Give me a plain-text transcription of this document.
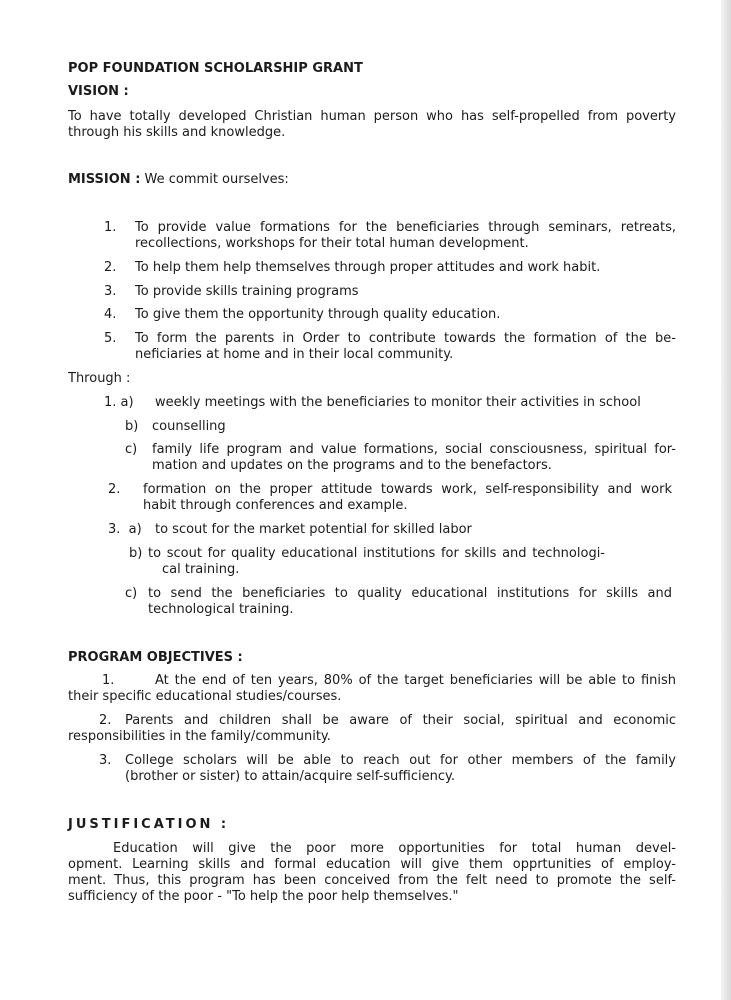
POP FOUNDATION SCHOLARSHIP GRANT
VISION :
To have totally developed Christian human person who has self-propelled from poverty
through his skills and knowledge.
MISSION : We commit ourselves:
1. To provide value formations for the beneficiaries through seminars, retreats,
recollections, workshops for their total human development.
2. To help them help themselves through proper attitudes and work habit.
3. To provide skills training programs
4. To give them the opportunity through quality education.
5. To form the parents in Order to contribute towards the formation of the be-
neficiaries at home and in their local community.
Through :
1. a) weekly meetings with the beneficiaries to monitor their activities in school
b) counselling
c) family life program and value formations, social consciousness, spiritual for-
mation and updates on the programs and to the benefactors.
2. formation on the proper attitude towards work, self-responsibility and work
habit through conferences and example.
3.  a) to scout for the market potential for skilled labor
b) to scout for quality educational institutions for skills and technologi-
cal training.
c) to send the beneficiaries to quality educational institutions for skills and
technological training.
PROGRAM OBJECTIVES :
1.	At the end of ten years, 80% of the target beneficiaries will be able to finish
their specific educational studies/courses.
2. Parents and children shall be aware of their social, spiritual and economic
responsibilities in the family/community.
3. College scholars will be able to reach out for other members of the family
(brother or sister) to attain/acquire self-sufficiency.
JUSTIFICATION :
Education will give the poor more opportunities for total human devel-
opment. Learning skills and formal education will give them opprtunities of employ-
ment. Thus, this program has been conceived from the felt need to promote the self-
sufficiency of the poor - "To help the poor help themselves."
